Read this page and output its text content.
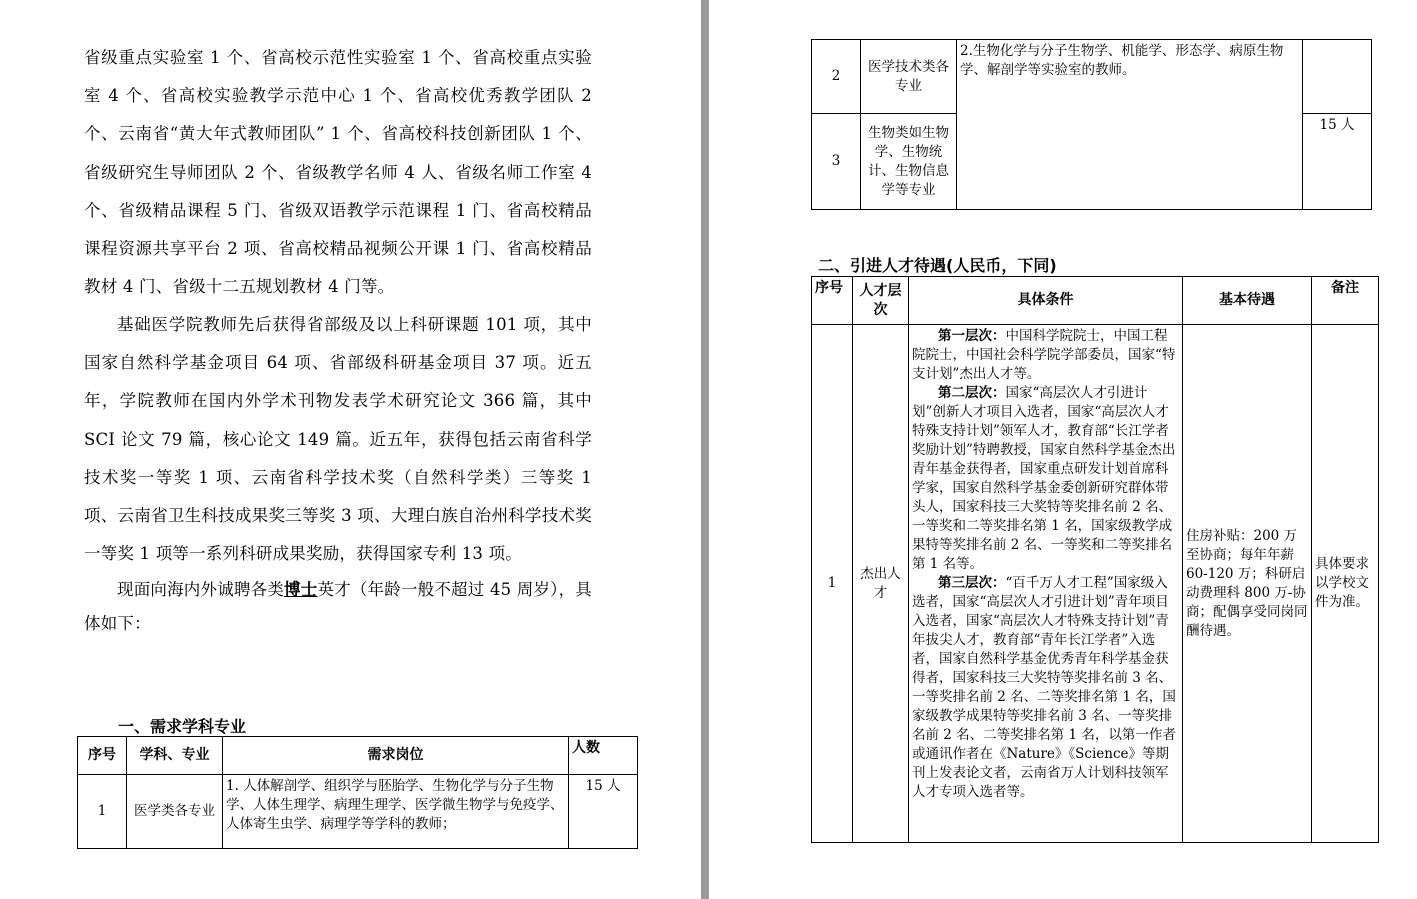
省级重点实验室 1 个、省高校示范性实验室 1 个、省高校重点实验室 4 个、省高校实验教学示范中心 1 个、省高校优秀教学团队 2 个、云南省“黄大年式教师团队” 1 个、省高校科技创新团队 1 个、省级研究生导师团队 2 个、省级教学名师 4 人、省级名师工作室 4 个、省级精品课程 5 门、省级双语教学示范课程 1 门、省高校精品课程资源共享平台 2 项、省高校精品视频公开课 1 门、省高校精品教材 4 门、省级十二五规划教材 4 门等。

基础医学院教师先后获得省部级及以上科研课题 101 项，其中国家自然科学基金项目 64 项、省部级科研基金项目 37 项。近五年，学院教师在国内外学术刊物发表学术研究论文 366 篇，其中 SCI 论文 79 篇，核心论文 149 篇。近五年，获得包括云南省科学技术奖一等奖 1 项、云南省科学技术奖（自然科学类）三等奖 1 项、云南省卫生科技成果奖三等奖 3 项、大理白族自治州科学技术奖一等奖 1 项等一系列科研成果奖励，获得国家专利 13 项。

现面向海内外诚聘各类博士英才（年龄一般不超过 45 周岁），具体如下：

一、需求学科专业
序号	学科、专业	需求岗位	人数
1	医学类各专业	1. 人体解剖学、组织学与胚胎学、生物化学与分子生物学、人体生理学、病理生理学、医学微生物学与免疫学、人体寄生虫学、病理学等学科的教师；	15 人
2	医学技术类各专业	2.生物化学与分子生物学、机能学、形态学、病原生物学、解剖学等实验室的教师。	
3	生物类如生物学、生物统计、生物信息学等专业		15 人
二、引进人才待遇(人民币，下同)
序号	人才层次	具体条件	基本待遇	备注
1	杰出人才	第一层次：中国科学院院士，中国工程院院士，中国社会科学院学部委员，国家“特支计划”杰出人才等。

第二层次：国家“高层次人才引进计划”创新人才项目入选者，国家“高层次人才特殊支持计划”领军人才，教育部“长江学者奖励计划”特聘教授，国家自然科学基金杰出青年基金获得者，国家重点研发计划首席科学家，国家自然科学基金委创新研究群体带头人，国家科技三大奖特等奖排名前 2 名、一等奖和二等奖排名第 1 名，国家级教学成果特等奖排名前 2 名、一等奖和二等奖排名第 1 名等。

第三层次：“百千万人才工程”国家级入选者，国家“高层次人才引进计划”青年项目入选者，国家“高层次人才特殊支持计划”青年拔尖人才，教育部“青年长江学者”入选者，国家自然科学基金优秀青年科学基金获得者，国家科技三大奖特等奖排名前 3 名、一等奖排名前 2 名、二等奖排名第 1 名，国家级教学成果特等奖排名前 3 名、一等奖排名前 2 名、二等奖排名第 1 名，以第一作者或通讯作者在《Nature》《Science》等期刊上发表论文者，云南省万人计划科技领军人才专项入选者等。	住房补贴：200 万至协商；每年年薪 60-120 万；科研启动费理科 800 万-协商；配偶享受同岗同酬待遇。	具体要求以学校文件为准。
